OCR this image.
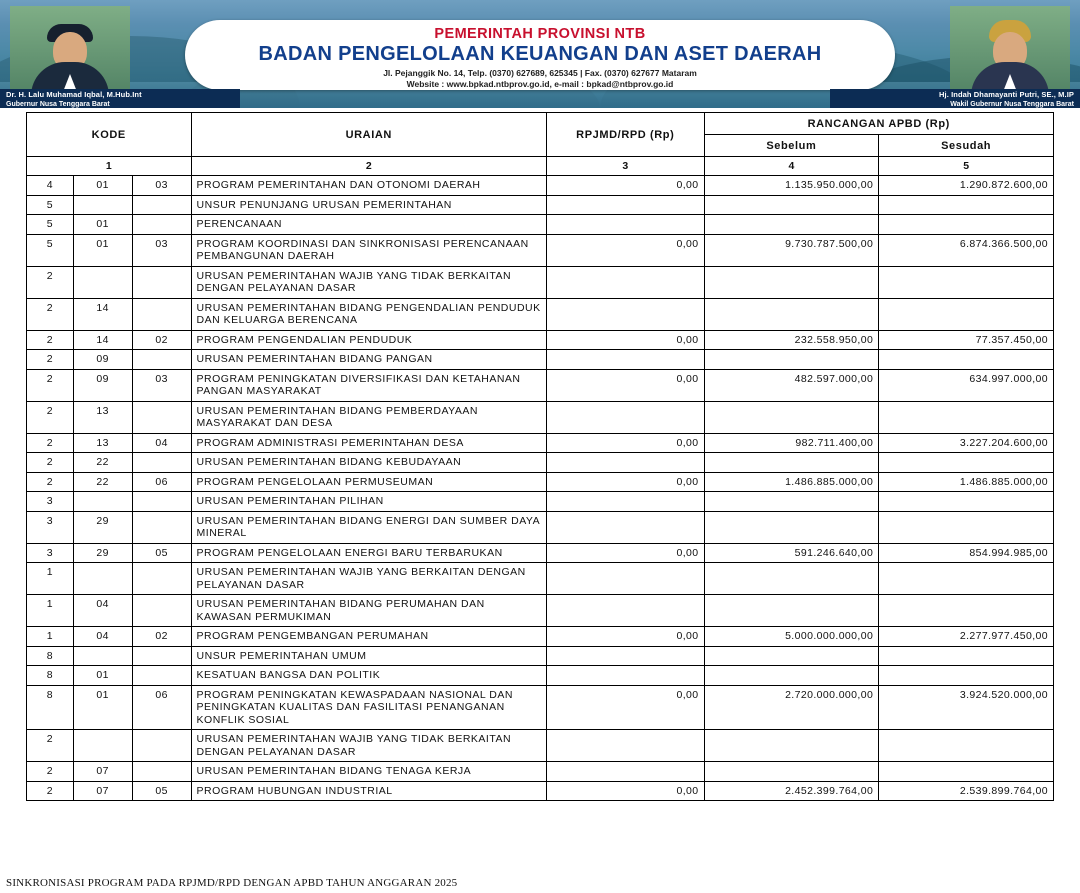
PEMERINTAH PROVINSI NTB
BADAN PENGELOLAAN KEUANGAN DAN ASET DAERAH
Jl. Pejanggik No. 14, Telp. (0370) 627689, 625345 | Fax. (0370) 627677 Mataram
Website : www.bpkad.ntbprov.go.id, e-mail : bpkad@ntbprov.go.id
Dr. H. Lalu Muhamad Iqbal, M.Hub.Int
Gubernur Nusa Tenggara Barat
Hj. Indah Dhamayanti Putri, SE., M.IP
Wakil Gubernur Nusa Tenggara Barat
KODE			URAIAN	RPJMD/RPD (Rp)	RANCANGAN APBD (Rp)	
					Sebelum	Sesudah
1			2	3	4	5
4	01	03	PROGRAM PEMERINTAHAN DAN OTONOMI DAERAH	0,00	1.135.950.000,00	1.290.872.600,00
5			UNSUR PENUNJANG URUSAN PEMERINTAHAN			
5	01		PERENCANAAN			
5	01	03	PROGRAM KOORDINASI DAN SINKRONISASI PERENCANAAN PEMBANGUNAN DAERAH	0,00	9.730.787.500,00	6.874.366.500,00
2			URUSAN PEMERINTAHAN WAJIB YANG TIDAK BERKAITAN DENGAN PELAYANAN DASAR			
2	14		URUSAN PEMERINTAHAN BIDANG PENGENDALIAN PENDUDUK DAN KELUARGA BERENCANA			
2	14	02	PROGRAM PENGENDALIAN PENDUDUK	0,00	232.558.950,00	77.357.450,00
2	09		URUSAN PEMERINTAHAN BIDANG PANGAN			
2	09	03	PROGRAM PENINGKATAN DIVERSIFIKASI DAN KETAHANAN PANGAN MASYARAKAT	0,00	482.597.000,00	634.997.000,00
2	13		URUSAN PEMERINTAHAN BIDANG PEMBERDAYAAN MASYARAKAT DAN DESA			
2	13	04	PROGRAM ADMINISTRASI PEMERINTAHAN DESA	0,00	982.711.400,00	3.227.204.600,00
2	22		URUSAN PEMERINTAHAN BIDANG KEBUDAYAAN			
2	22	06	PROGRAM PENGELOLAAN PERMUSEUMAN	0,00	1.486.885.000,00	1.486.885.000,00
3			URUSAN PEMERINTAHAN PILIHAN			
3	29		URUSAN PEMERINTAHAN BIDANG ENERGI DAN SUMBER DAYA MINERAL			
3	29	05	PROGRAM PENGELOLAAN ENERGI BARU TERBARUKAN	0,00	591.246.640,00	854.994.985,00
1			URUSAN PEMERINTAHAN WAJIB YANG BERKAITAN DENGAN PELAYANAN DASAR			
1	04		URUSAN PEMERINTAHAN BIDANG PERUMAHAN DAN KAWASAN PERMUKIMAN			
1	04	02	PROGRAM PENGEMBANGAN PERUMAHAN	0,00	5.000.000.000,00	2.277.977.450,00
8			UNSUR PEMERINTAHAN UMUM			
8	01		KESATUAN BANGSA DAN POLITIK			
8	01	06	PROGRAM PENINGKATAN KEWASPADAAN NASIONAL DAN PENINGKATAN KUALITAS DAN FASILITASI PENANGANAN KONFLIK SOSIAL	0,00	2.720.000.000,00	3.924.520.000,00
2			URUSAN PEMERINTAHAN WAJIB YANG TIDAK BERKAITAN DENGAN PELAYANAN DASAR			
2	07		URUSAN PEMERINTAHAN BIDANG TENAGA KERJA			
2	07	05	PROGRAM HUBUNGAN INDUSTRIAL	0,00	2.452.399.764,00	2.539.899.764,00
SINKRONISASI PROGRAM PADA RPJMD/RPD DENGAN APBD TAHUN ANGGARAN 2025
